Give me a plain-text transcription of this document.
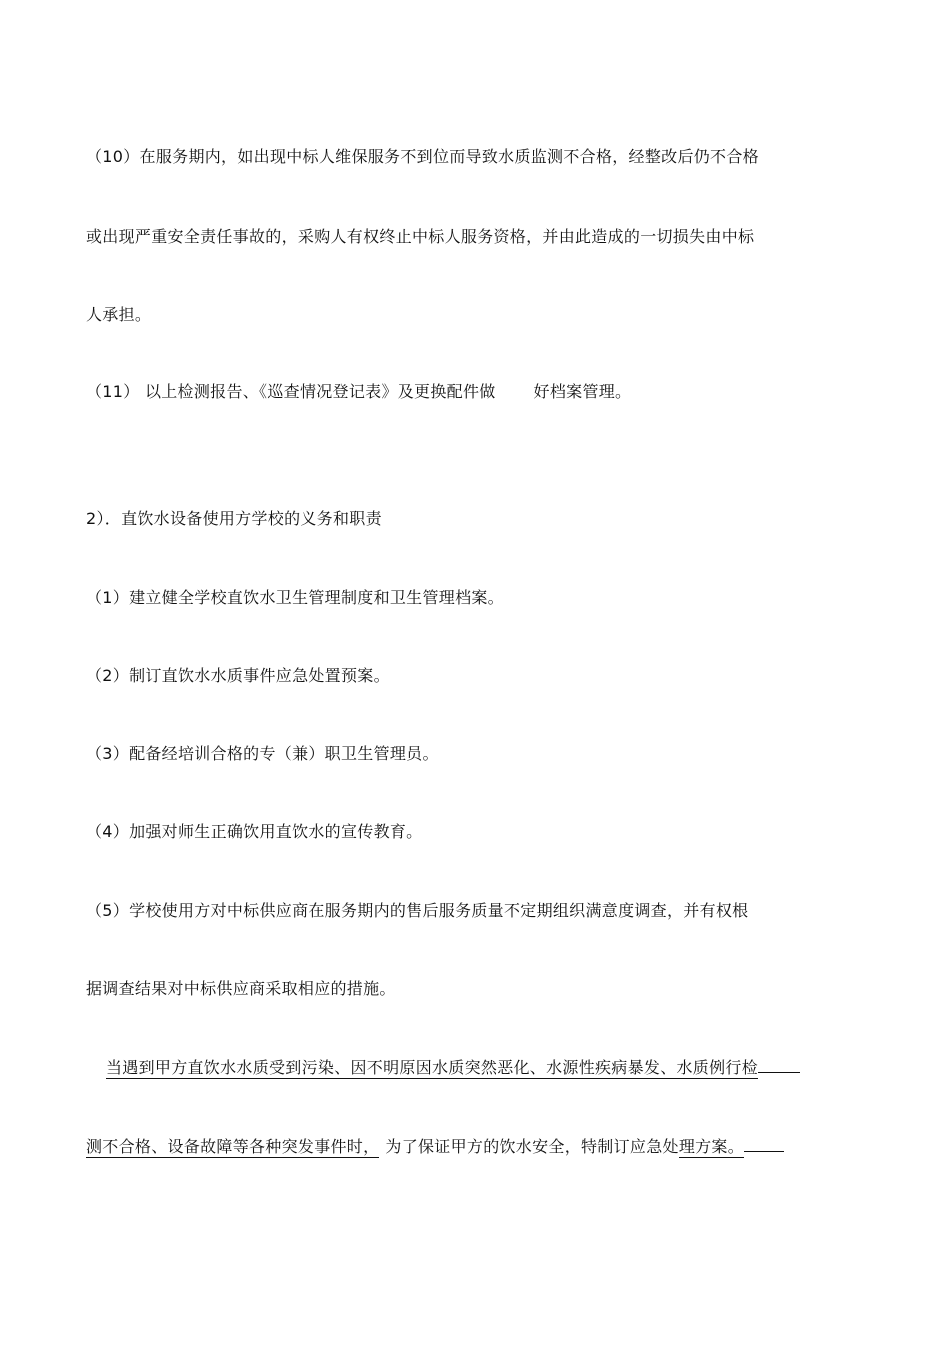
（10）在服务期内，如出现中标人维保服务不到位而导致水质监测不合格，经整改后仍不合格
或出现严重安全责任事故的，采购人有权终止中标人服务资格，并由此造成的一切损失由中标
人承担。
（11） 以上检测报告、《巡查情况登记表》及更换配件做 好档案管理。
2）．直饮水设备使用方学校的义务和职责
（1）建立健全学校直饮水卫生管理制度和卫生管理档案。
（2）制订直饮水水质事件应急处置预案。
（3）配备经培训合格的专（兼）职卫生管理员。
（4）加强对师生正确饮用直饮水的宣传教育。
（5）学校使用方对中标供应商在服务期内的售后服务质量不定期组织满意度调查，并有权根
据调查结果对中标供应商采取相应的措施。
当遇到甲方直饮水水质受到污染、因不明原因水质突然恶化、水源性疾病暴发、水质例行检
测不合格、设备故障等各种突发事件时， 为了保证甲方的饮水安全，特制订应急处理方案。
